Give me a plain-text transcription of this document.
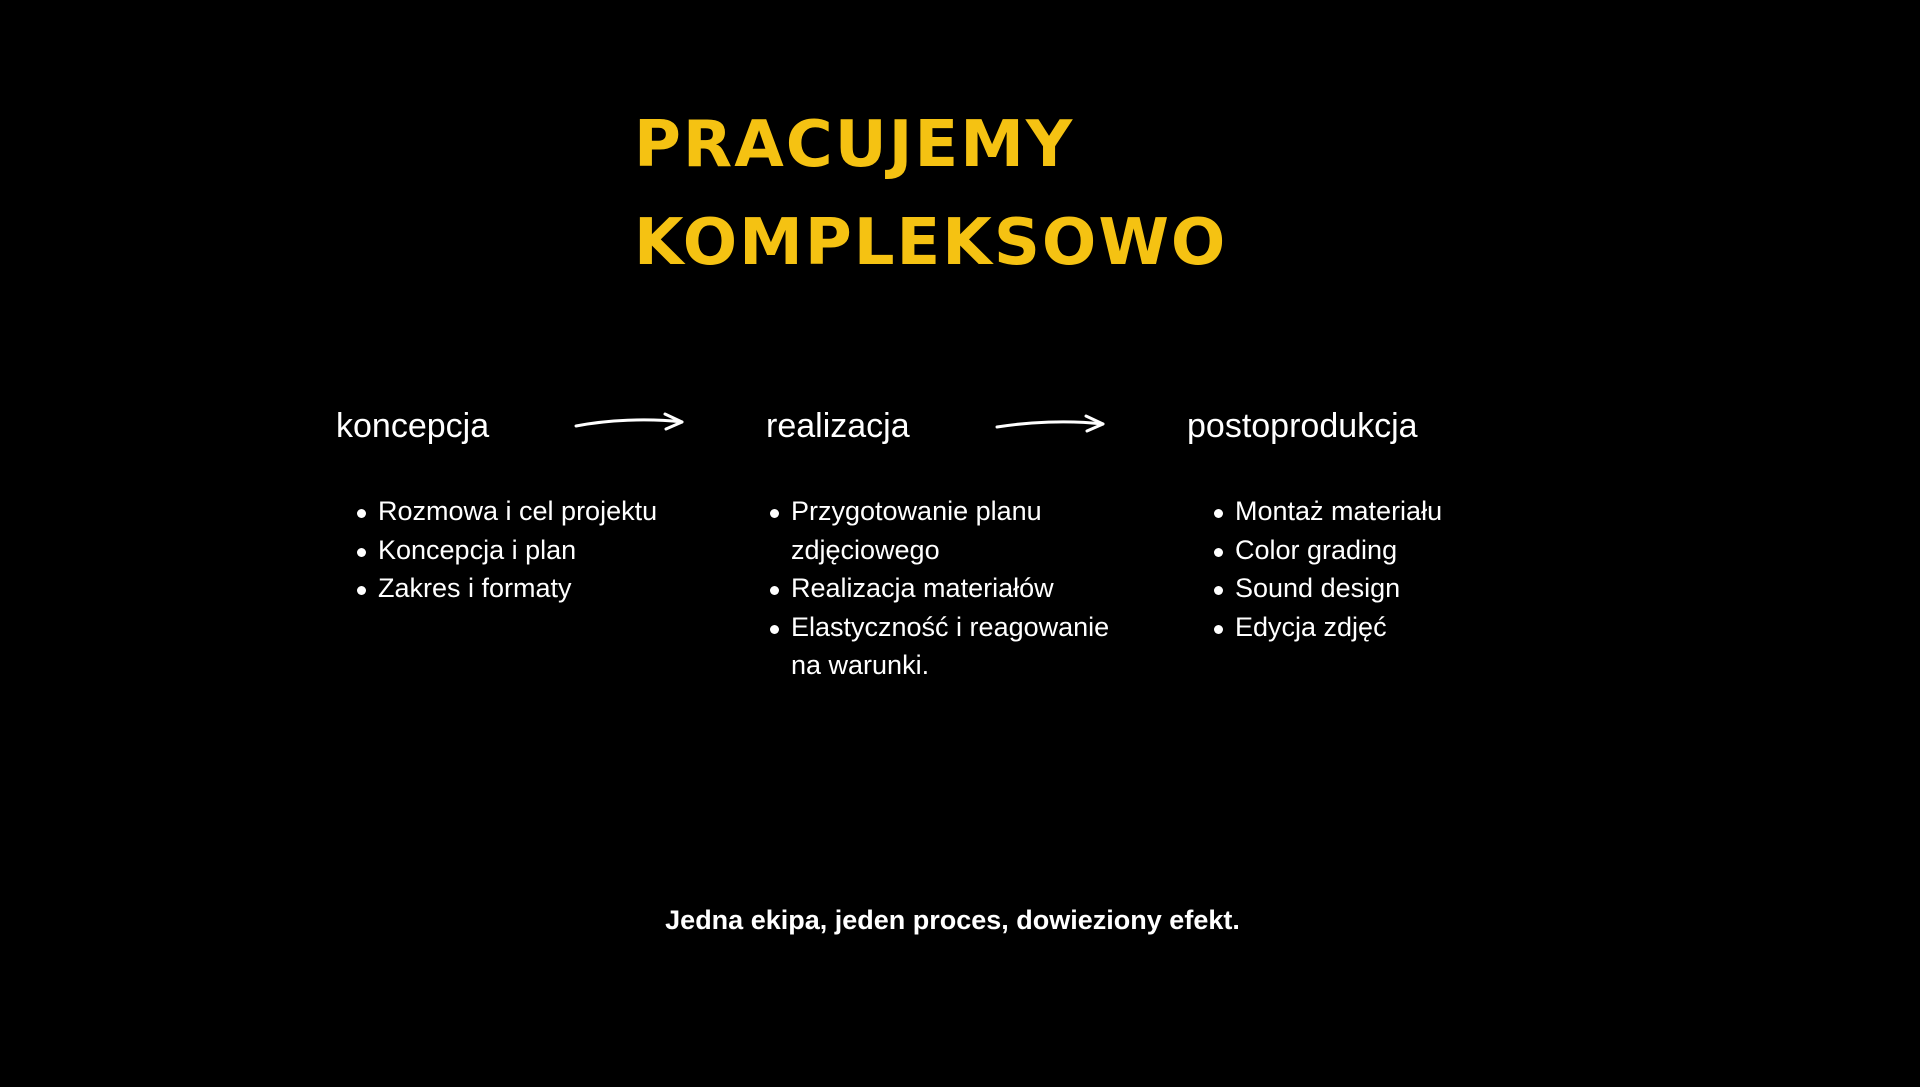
PRACUJEMY
KOMPLEKSOWO
koncepcja
Rozmowa i cel projektu
Koncepcja i plan
Zakres i formaty
realizacja
Przygotowanie planu zdjęciowego
Realizacja materiałów
Elastyczność i reagowanie na warunki.
postoprodukcja
Montaż materiału
Color grading
Sound design
Edycja zdjęć

Jedna ekipa, jeden proces, dowieziony efekt.
